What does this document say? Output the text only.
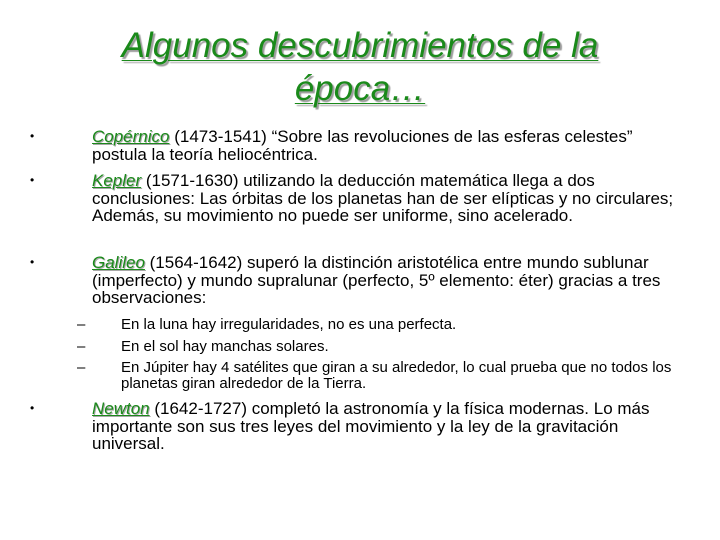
Algunos descubrimientos de la época…
•	Copérnico (1473-1541) “Sobre las revoluciones de las esferas celestes” postula la teoría heliocéntrica.
•	Kepler (1571-1630) utilizando la deducción matemática llega a dos conclusiones: Las órbitas de los planetas han de ser elípticas y no circulares; Además, su movimiento no puede ser uniforme, sino acelerado.
•	Galileo (1564-1642) superó la distinción aristotélica entre mundo sublunar (imperfecto) y mundo supralunar (perfecto, 5º elemento: éter) gracias a tres observaciones:
– En la luna hay irregularidades, no es una perfecta.
– En el sol hay manchas solares.
– En Júpiter hay 4 satélites que giran a su alrededor, lo cual prueba que no todos los planetas giran alrededor de la Tierra.
•	Newton (1642-1727) completó la astronomía y la física modernas. Lo más importante son sus tres leyes del movimiento y la ley de la gravitación universal.
